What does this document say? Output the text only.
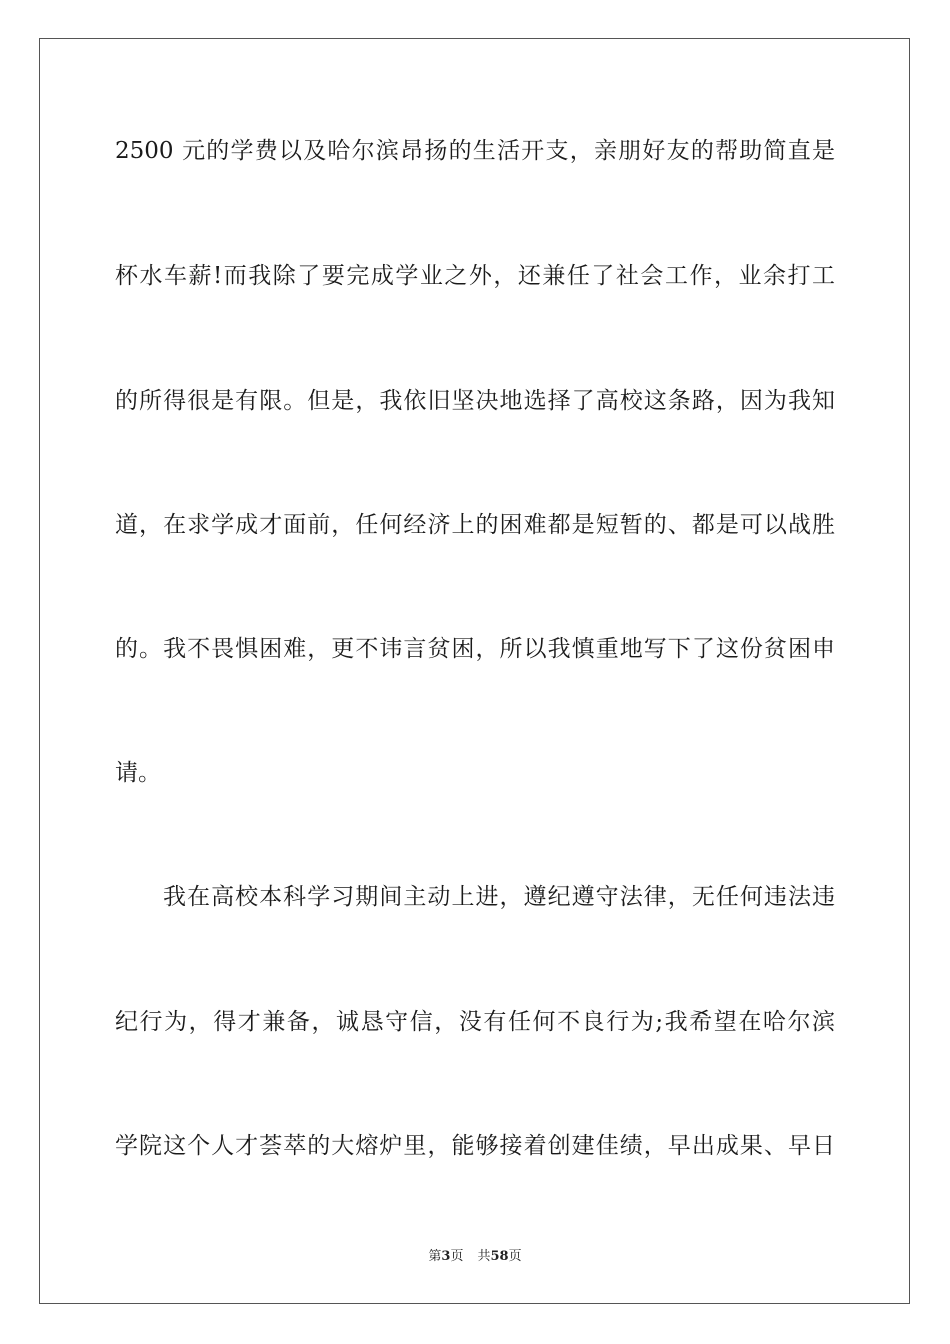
2500 元的学费以及哈尔滨昂扬的生活开支，亲朋好友的帮助简直是
杯水车薪!而我除了要完成学业之外，还兼任了社会工作，业余打工
的所得很是有限。但是，我依旧坚决地选择了高校这条路，因为我知
道，在求学成才面前，任何经济上的困难都是短暂的、都是可以战胜
的。我不畏惧困难，更不讳言贫困，所以我慎重地写下了这份贫困申
请。
我在高校本科学习期间主动上进，遵纪遵守法律，无任何违法违
纪行为，得才兼备，诚恳守信，没有任何不良行为;我希望在哈尔滨
学院这个人才荟萃的大熔炉里，能够接着创建佳绩，早出成果、早日
第3页 共58页
